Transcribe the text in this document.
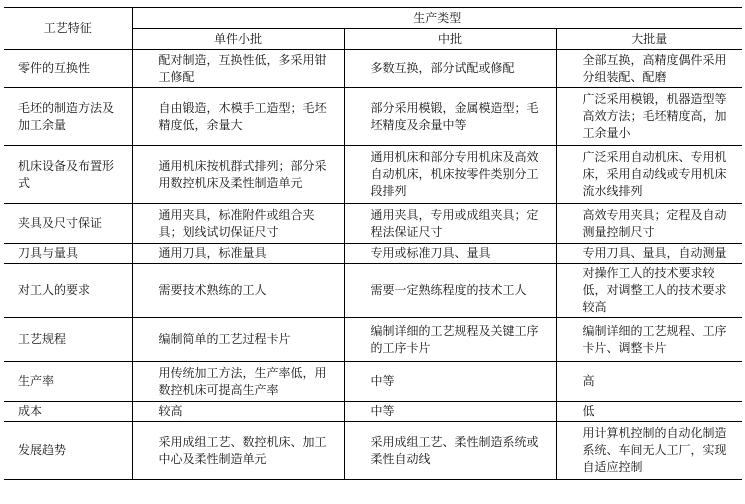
工艺特征	生产类型		
	单件小批	中批	大批量
零件的互换性	配对制造，互换性低，多采用钳工修配	多数互换，部分试配或修配	全部互换，高精度偶件采用分组装配、配磨
毛坯的制造方法及加工余量	自由锻造，木模手工造型；毛坯精度低，余量大	部分采用模锻，金属模造型；毛坯精度及余量中等	广泛采用模锻，机器造型等高效方法；毛坯精度高，加工余量小
机床设备及布置形式	通用机床按机群式排列；部分采用数控机床及柔性制造单元	通用机床和部分专用机床及高效自动机床，机床按零件类别分工段排列	广泛采用自动机床、专用机床，采用自动线或专用机床流水线排列
夹具及尺寸保证	通用夹具，标准附件或组合夹具；划线试切保证尺寸	通用夹具，专用或成组夹具；定程法保证尺寸	高效专用夹具；定程及自动测量控制尺寸
刀具与量具	通用刀具，标准量具	专用或标准刀具、量具	专用刀具、量具，自动测量
对工人的要求	需要技术熟练的工人	需要一定熟练程度的技术工人	对操作工人的技术要求较低，对调整工人的技术要求较高
工艺规程	编制简单的工艺过程卡片	编制详细的工艺规程及关键工序的工序卡片	编制详细的工艺规程、工序卡片、调整卡片
生产率	用传统加工方法，生产率低，用数控机床可提高生产率	中等	高
成本	较高	中等	低
发展趋势	采用成组工艺、数控机床、加工中心及柔性制造单元	采用成组工艺、柔性制造系统或柔性自动线	用计算机控制的自动化制造系统、车间无人工厂，实现自适应控制
